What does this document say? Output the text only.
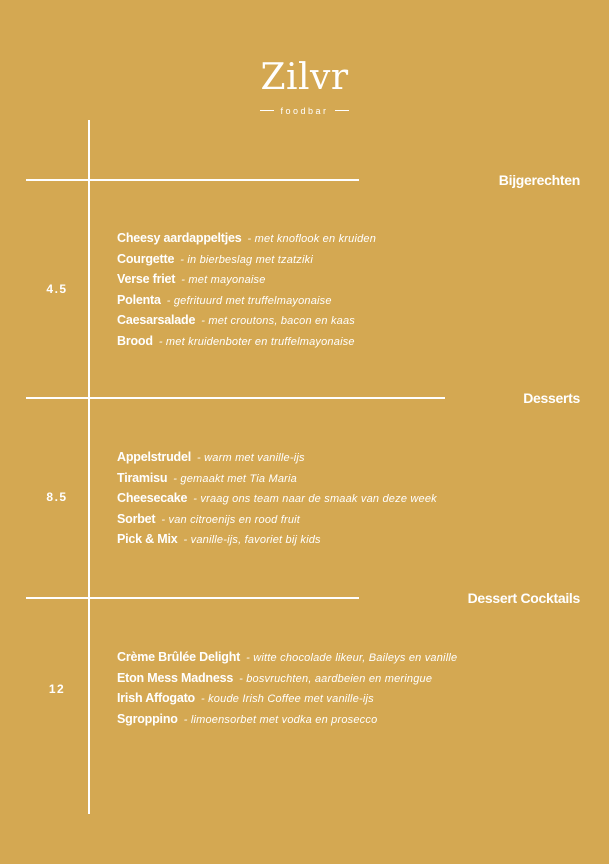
Zilvr
foodbar
Bijgerechten
4.5
Cheesy aardappeltjes - met knoflook en kruiden
Courgette - in bierbeslag met tzatziki
Verse friet - met mayonaise
Polenta - gefrituurd met truffelmayonaise
Caesarsalade - met croutons, bacon en kaas
Brood - met kruidenboter en truffelmayonaise
Desserts
8.5
Appelstrudel - warm met vanille-ijs
Tiramisu - gemaakt met Tia Maria
Cheesecake - vraag ons team naar de smaak van deze week
Sorbet - van citroenijs en rood fruit
Pick & Mix - vanille-ijs, favoriet bij kids
Dessert Cocktails
12
Crème Brûlée Delight - witte chocolade likeur, Baileys en vanille
Eton Mess Madness - bosvruchten, aardbeien en meringue
Irish Affogato - koude Irish Coffee met vanille-ijs
Sgroppino - limoensorbet met vodka en prosecco
